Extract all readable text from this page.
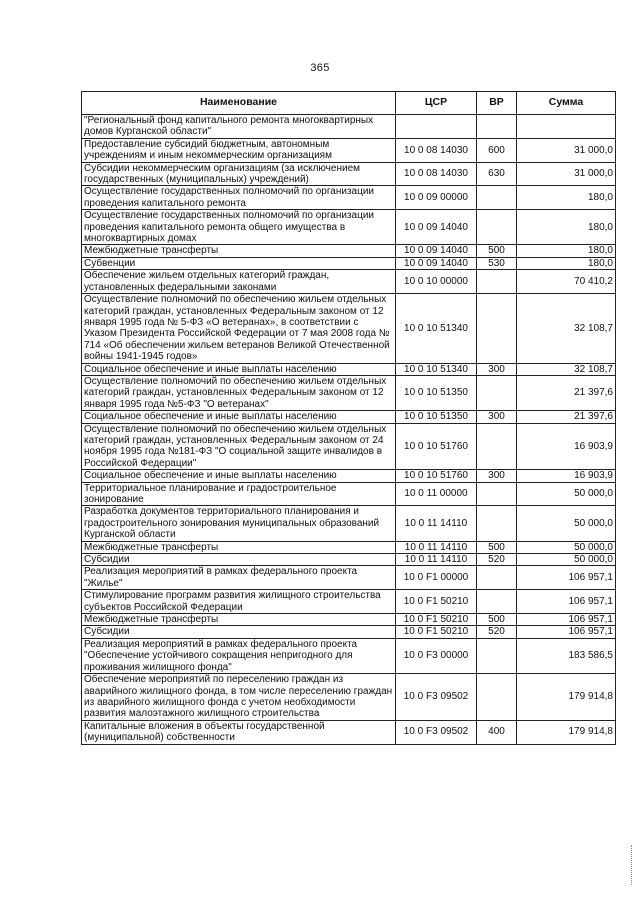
365
Наименование	ЦСР	ВР	Сумма
"Региональный фонд капитального ремонта многоквартирных домов Курганской области"			
Предоставление субсидий бюджетным, автономным учреждениям и иным некоммерческим организациям	10 0 08 14030	600	31 000,0
Субсидии некоммерческим организациям (за исключением государственных (муниципальных) учреждений)	10 0 08 14030	630	31 000,0
Осуществление государственных полномочий по организации проведения капитального ремонта	10 0 09 00000		180,0
Осуществление государственных полномочий по организации проведения капитального ремонта общего имущества в многоквартирных домах	10 0 09 14040		180,0
Межбюджетные трансферты	10 0 09 14040	500	180,0
Субвенции	10 0 09 14040	530	180,0
Обеспечение жильем отдельных категорий граждан, установленных федеральными законами	10 0 10 00000		70 410,2
Осуществление полномочий по обеспечению жильем отдельных категорий граждан, установленных Федеральным законом от 12 января 1995 года № 5-ФЗ «О ветеранах», в соответствии с Указом Президента Российской Федерации от 7 мая 2008 года № 714 «Об обеспечении жильем ветеранов Великой Отечественной войны 1941-1945 годов»	10 0 10 51340		32 108,7
Социальное обеспечение и иные выплаты населению	10 0 10 51340	300	32 108,7
Осуществление полномочий по обеспечению жильем отдельных категорий граждан, установленных Федеральным законом от 12 января 1995 года №5-ФЗ "О ветеранах"	10 0 10 51350		21 397,6
Социальное обеспечение и иные выплаты населению	10 0 10 51350	300	21 397,6
Осуществление полномочий по обеспечению жильем отдельных категорий граждан, установленных Федеральным законом от 24 ноября 1995 года №181-ФЗ "О социальной защите инвалидов в Российской Федерации"	10 0 10 51760		16 903,9
Социальное обеспечение и иные выплаты населению	10 0 10 51760	300	16 903,9
Территориальное планирование и градостроительное зонирование	10 0 11 00000		50 000,0
Разработка документов территориального планирования и градостроительного зонирования муниципальных образований Курганской области	10 0 11 14110		50 000,0
Межбюджетные трансферты	10 0 11 14110	500	50 000,0
Субсидии	10 0 11 14110	520	50 000,0
Реализация мероприятий в рамках федерального проекта "Жилье"	10 0 F1 00000		106 957,1
Стимулирование программ развития жилищного строительства субъектов Российской Федерации	10 0 F1 50210		106 957,1
Межбюджетные трансферты	10 0 F1 50210	500	106 957,1
Субсидии	10 0 F1 50210	520	106 957,1
Реализация мероприятий в рамках федерального проекта "Обеспечение устойчивого сокращения непригодного для проживания жилищного фонда"	10 0 F3 00000		183 586,5
Обеспечение мероприятий по переселению граждан из аварийного жилищного фонда, в том числе переселению граждан из аварийного жилищного фонда с учетом необходимости развития малоэтажного жилищного строительства	10 0 F3 09502		179 914,8
Капитальные вложения в объекты государственной (муниципальной) собственности	10 0 F3 09502	400	179 914,8
